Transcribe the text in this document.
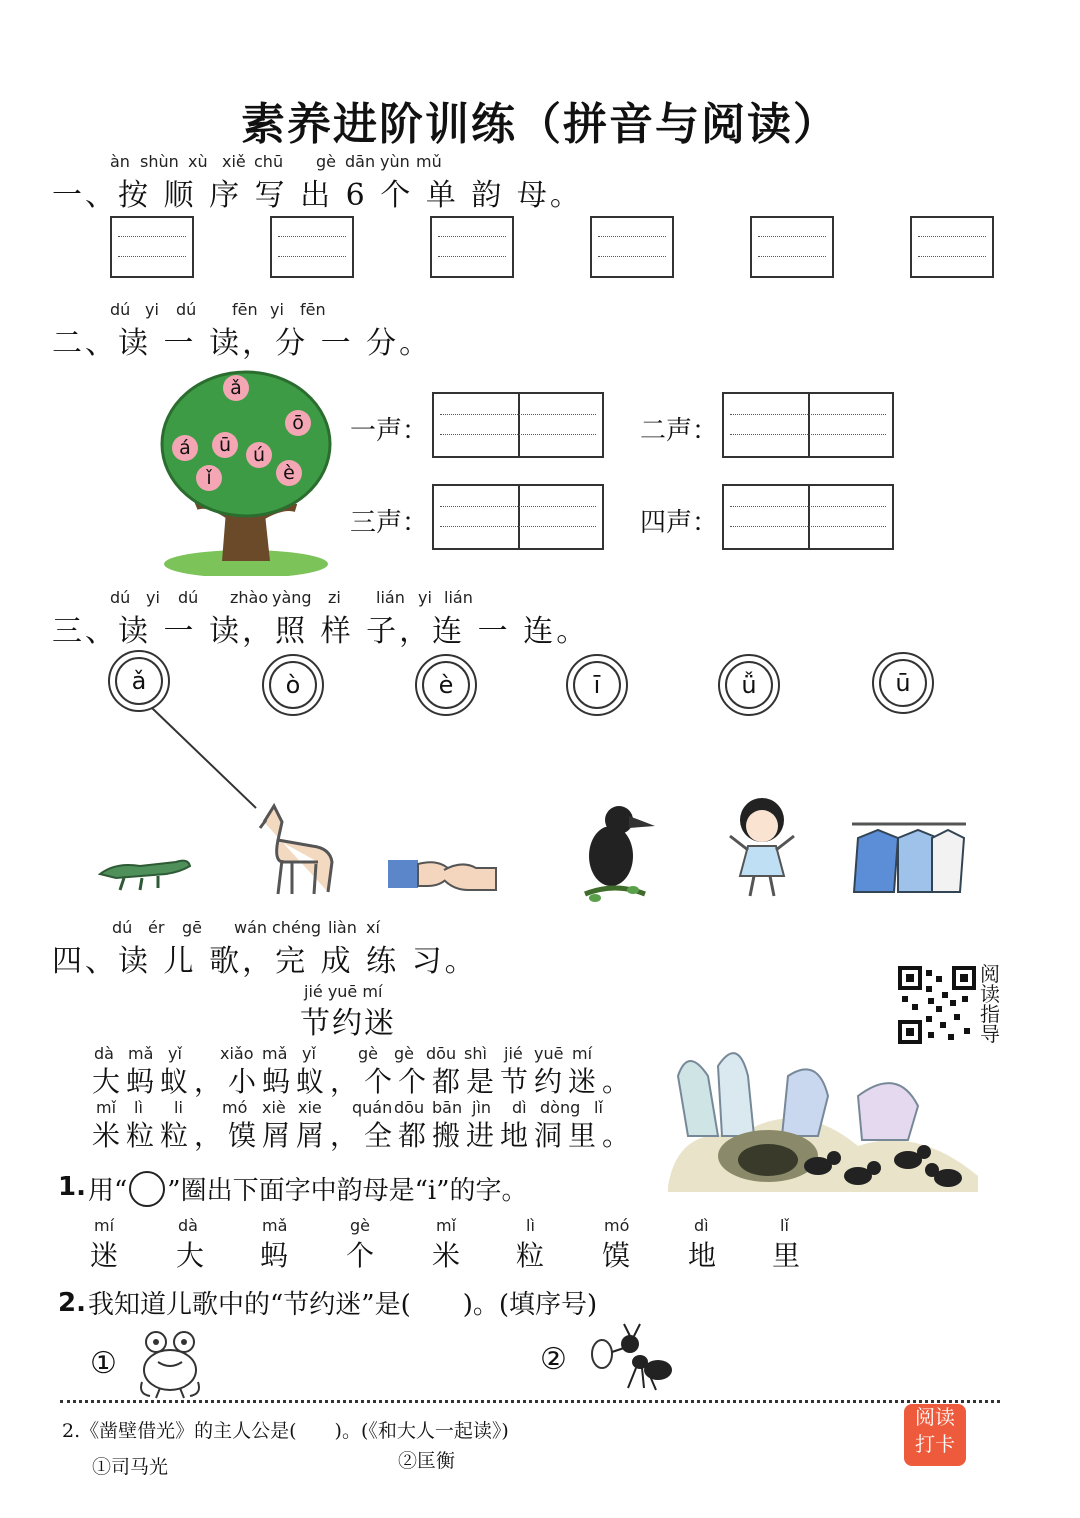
素养进阶训练（拼音与阅读）
àn shùn xù xiě chū gè dān yùn mǔ
一、按 顺 序 写 出 6 个 单 韵 母。
dú yi dú fēn yi fēn
二、读 一 读，分 一 分。
ǎ
ō
á	ū	ú
ǐ	è
一声：	二声：
三声：	四声：
dú yi dú zhào yàng zi lián yi lián
三、读 一 读，照 样 子，连 一 连。
ǎ	ò	è	ī	ǚ	ū
dú ér gē wán chéng liàn xí
四、读 儿 歌，完 成 练 习。	阅读指导
jié yuē mí
节约迷
dà mǎ yǐ xiǎo mǎ yǐ	gè gè dōu shì jié yuē mí
大蚂蚁，小蚂蚁，个个都是节约迷。
mǐ lì li mó xiè xie quán dōu bān jìn dì dòng lǐ
米粒粒，馍屑屑，全都搬进地洞里。
1. 用“ ”圈出下面字中韵母是“i”的字。
mí
迷
dà
大
mǎ
蚂
gè
个
mǐ
米
lì
粒
mó
馍
dì
地
lǐ
里
2. 我知道儿歌中的“节约迷”是(　　)。(填序号)
①	②
2.《凿壁借光》的主人公是(　　)。(《和大人一起读》)
①司马光	②匡衡
阅读
打卡
